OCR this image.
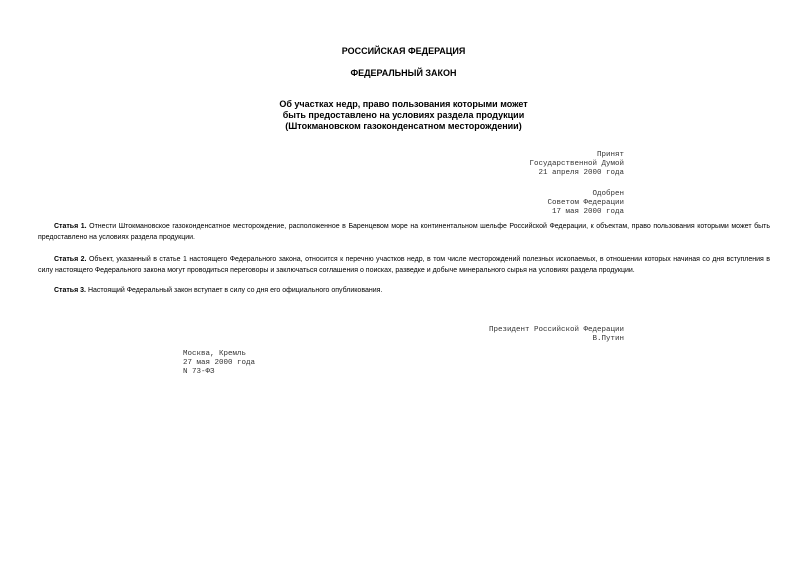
РОССИЙСКАЯ ФЕДЕРАЦИЯ
ФЕДЕРАЛЬНЫЙ ЗАКОН
Об участках недр, право пользования которыми может
быть предоставлено на условиях раздела продукции
(Штокмановском газоконденсатном месторождении)
Принят
Государственной Думой
21 апреля 2000 года
Одобрен
Советом Федерации
17 мая 2000 года
Статья 1. Отнести Штокмановское газоконденсатное месторождение, расположенное в Баренцевом море на континентальном шельфе Российской Федерации, к объектам, право пользования которыми может быть предоставлено на условиях раздела продукции.
Статья 2. Объект, указанный в статье 1 настоящего Федерального закона, относится к перечню участков недр, в том числе месторождений полезных ископаемых, в отношении которых начиная со дня вступления в силу настоящего Федерального закона могут проводиться переговоры и заключаться соглашения о поисках, разведке и добыче минерального сырья на условиях раздела продукции.
Статья 3. Настоящий Федеральный закон вступает в силу со дня его официального опубликования.
Президент Российской Федерации
В.Путин
Москва, Кремль
27 мая 2000 года
N 73-ФЗ
